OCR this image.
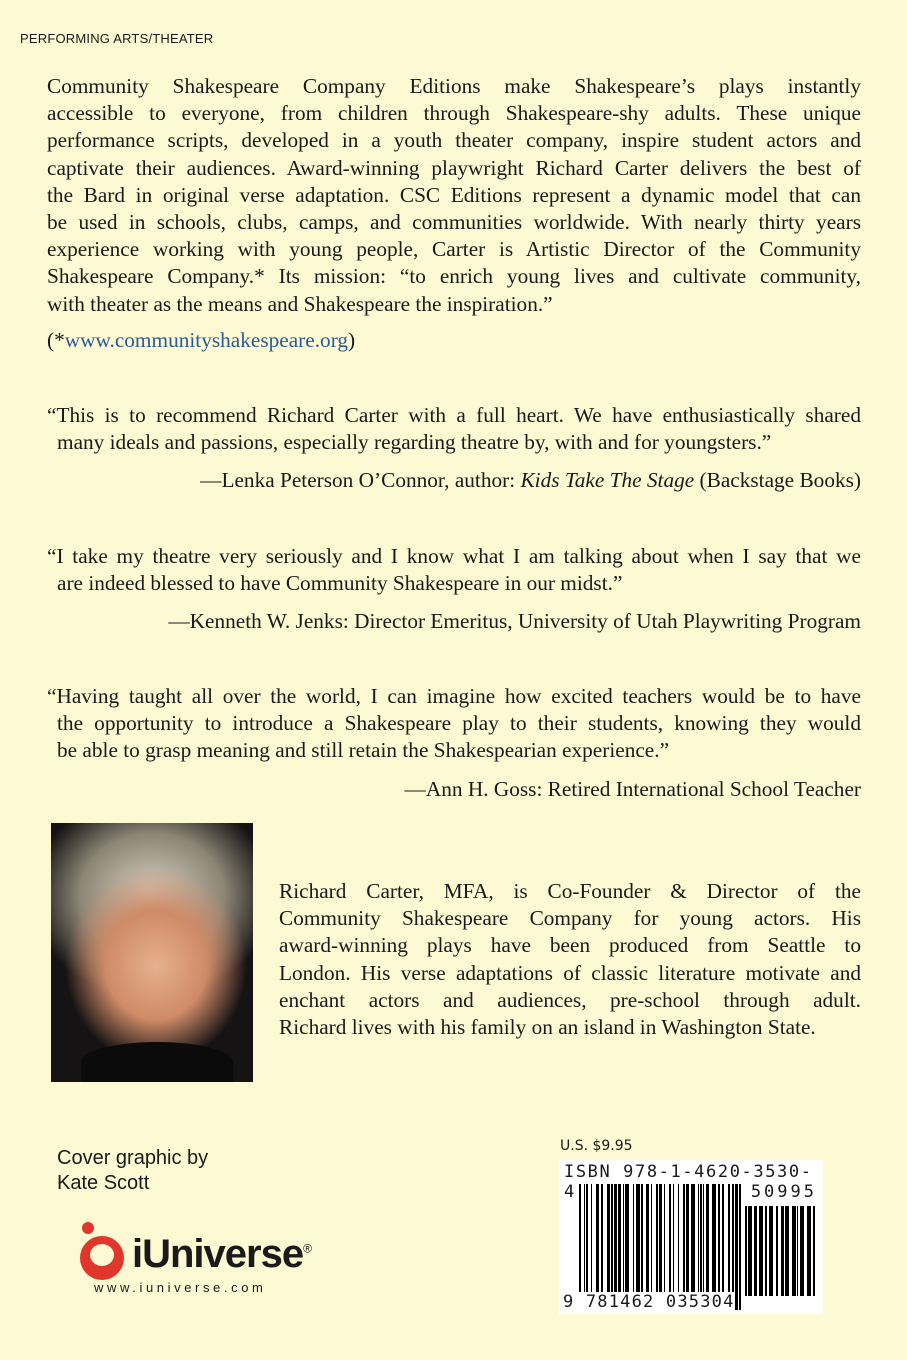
PERFORMING ARTS/THEATER
Community Shakespeare Company Editions make Shakespeare’s plays instantly
accessible to everyone, from children through Shakespeare-shy adults. These unique
performance scripts, developed in a youth theater company, inspire student actors and
captivate their audiences. Award-winning playwright Richard Carter delivers the best of
the Bard in original verse adaptation. CSC Editions represent a dynamic model that can
be used in schools, clubs, camps, and communities worldwide. With nearly thirty years
experience working with young people, Carter is Artistic Director of the Community
Shakespeare Company.* Its mission: “to enrich young lives and cultivate community,
with theater as the means and Shakespeare the inspiration.”
(*www.communityshakespeare.org)
“This is to recommend Richard Carter with a full heart. We have enthusiastically shared
many ideals and passions, especially regarding theatre by, with and for youngsters.”
—Lenka Peterson O’Connor, author: Kids Take The Stage (Backstage Books)
“I take my theatre very seriously and I know what I am talking about when I say that we
are indeed blessed to have Community Shakespeare in our midst.”
—Kenneth W. Jenks: Director Emeritus, University of Utah Playwriting Program
“Having taught all over the world, I can imagine how excited teachers would be to have
the opportunity to introduce a Shakespeare play to their students, knowing they would
be able to grasp meaning and still retain the Shakespearian experience.”
—Ann H. Goss: Retired International School Teacher
Richard Carter, MFA, is Co-Founder & Director of the
Community Shakespeare Company for young actors. His
award-winning plays have been produced from Seattle to
London. His verse adaptations of classic literature motivate and
enchant actors and audiences, pre-school through adult.
Richard lives with his family on an island in Washington State.
Cover graphic by
Kate Scott
iUniverse®
www.iuniverse.com
U.S. $9.95
ISBN 978-1-4620-3530-4	50995
9 781462 035304
